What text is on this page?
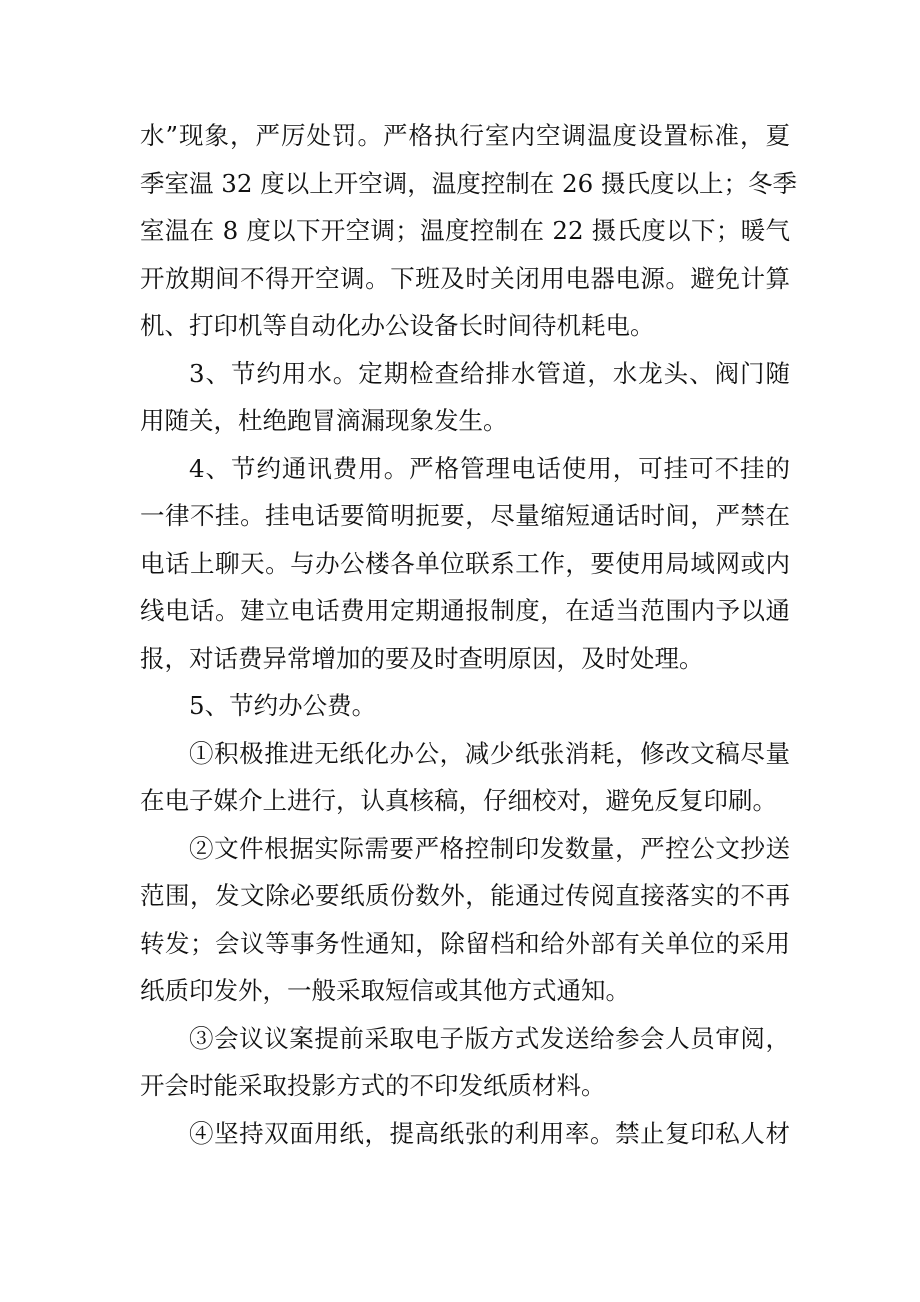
水”现象，严厉处罚。严格执行室内空调温度设置标准，夏
季室温 32 度以上开空调，温度控制在 26 摄氏度以上；冬季
室温在 8 度以下开空调；温度控制在 22 摄氏度以下；暖气
开放期间不得开空调。下班及时关闭用电器电源。避免计算
机、打印机等自动化办公设备长时间待机耗电。
3、节约用水。定期检查给排水管道，水龙头、阀门随
用随关，杜绝跑冒滴漏现象发生。
4、节约通讯费用。严格管理电话使用，可挂可不挂的
一律不挂。挂电话要简明扼要，尽量缩短通话时间，严禁在
电话上聊天。与办公楼各单位联系工作，要使用局域网或内
线电话。建立电话费用定期通报制度，在适当范围内予以通
报，对话费异常增加的要及时查明原因，及时处理。
5、节约办公费。
①积极推进无纸化办公，减少纸张消耗，修改文稿尽量
在电子媒介上进行，认真核稿，仔细校对，避免反复印刷。
②文件根据实际需要严格控制印发数量，严控公文抄送
范围，发文除必要纸质份数外，能通过传阅直接落实的不再
转发；会议等事务性通知，除留档和给外部有关单位的采用
纸质印发外，一般采取短信或其他方式通知。
③会议议案提前采取电子版方式发送给参会人员审阅，
开会时能采取投影方式的不印发纸质材料。
④坚持双面用纸，提高纸张的利用率。禁止复印私人材
